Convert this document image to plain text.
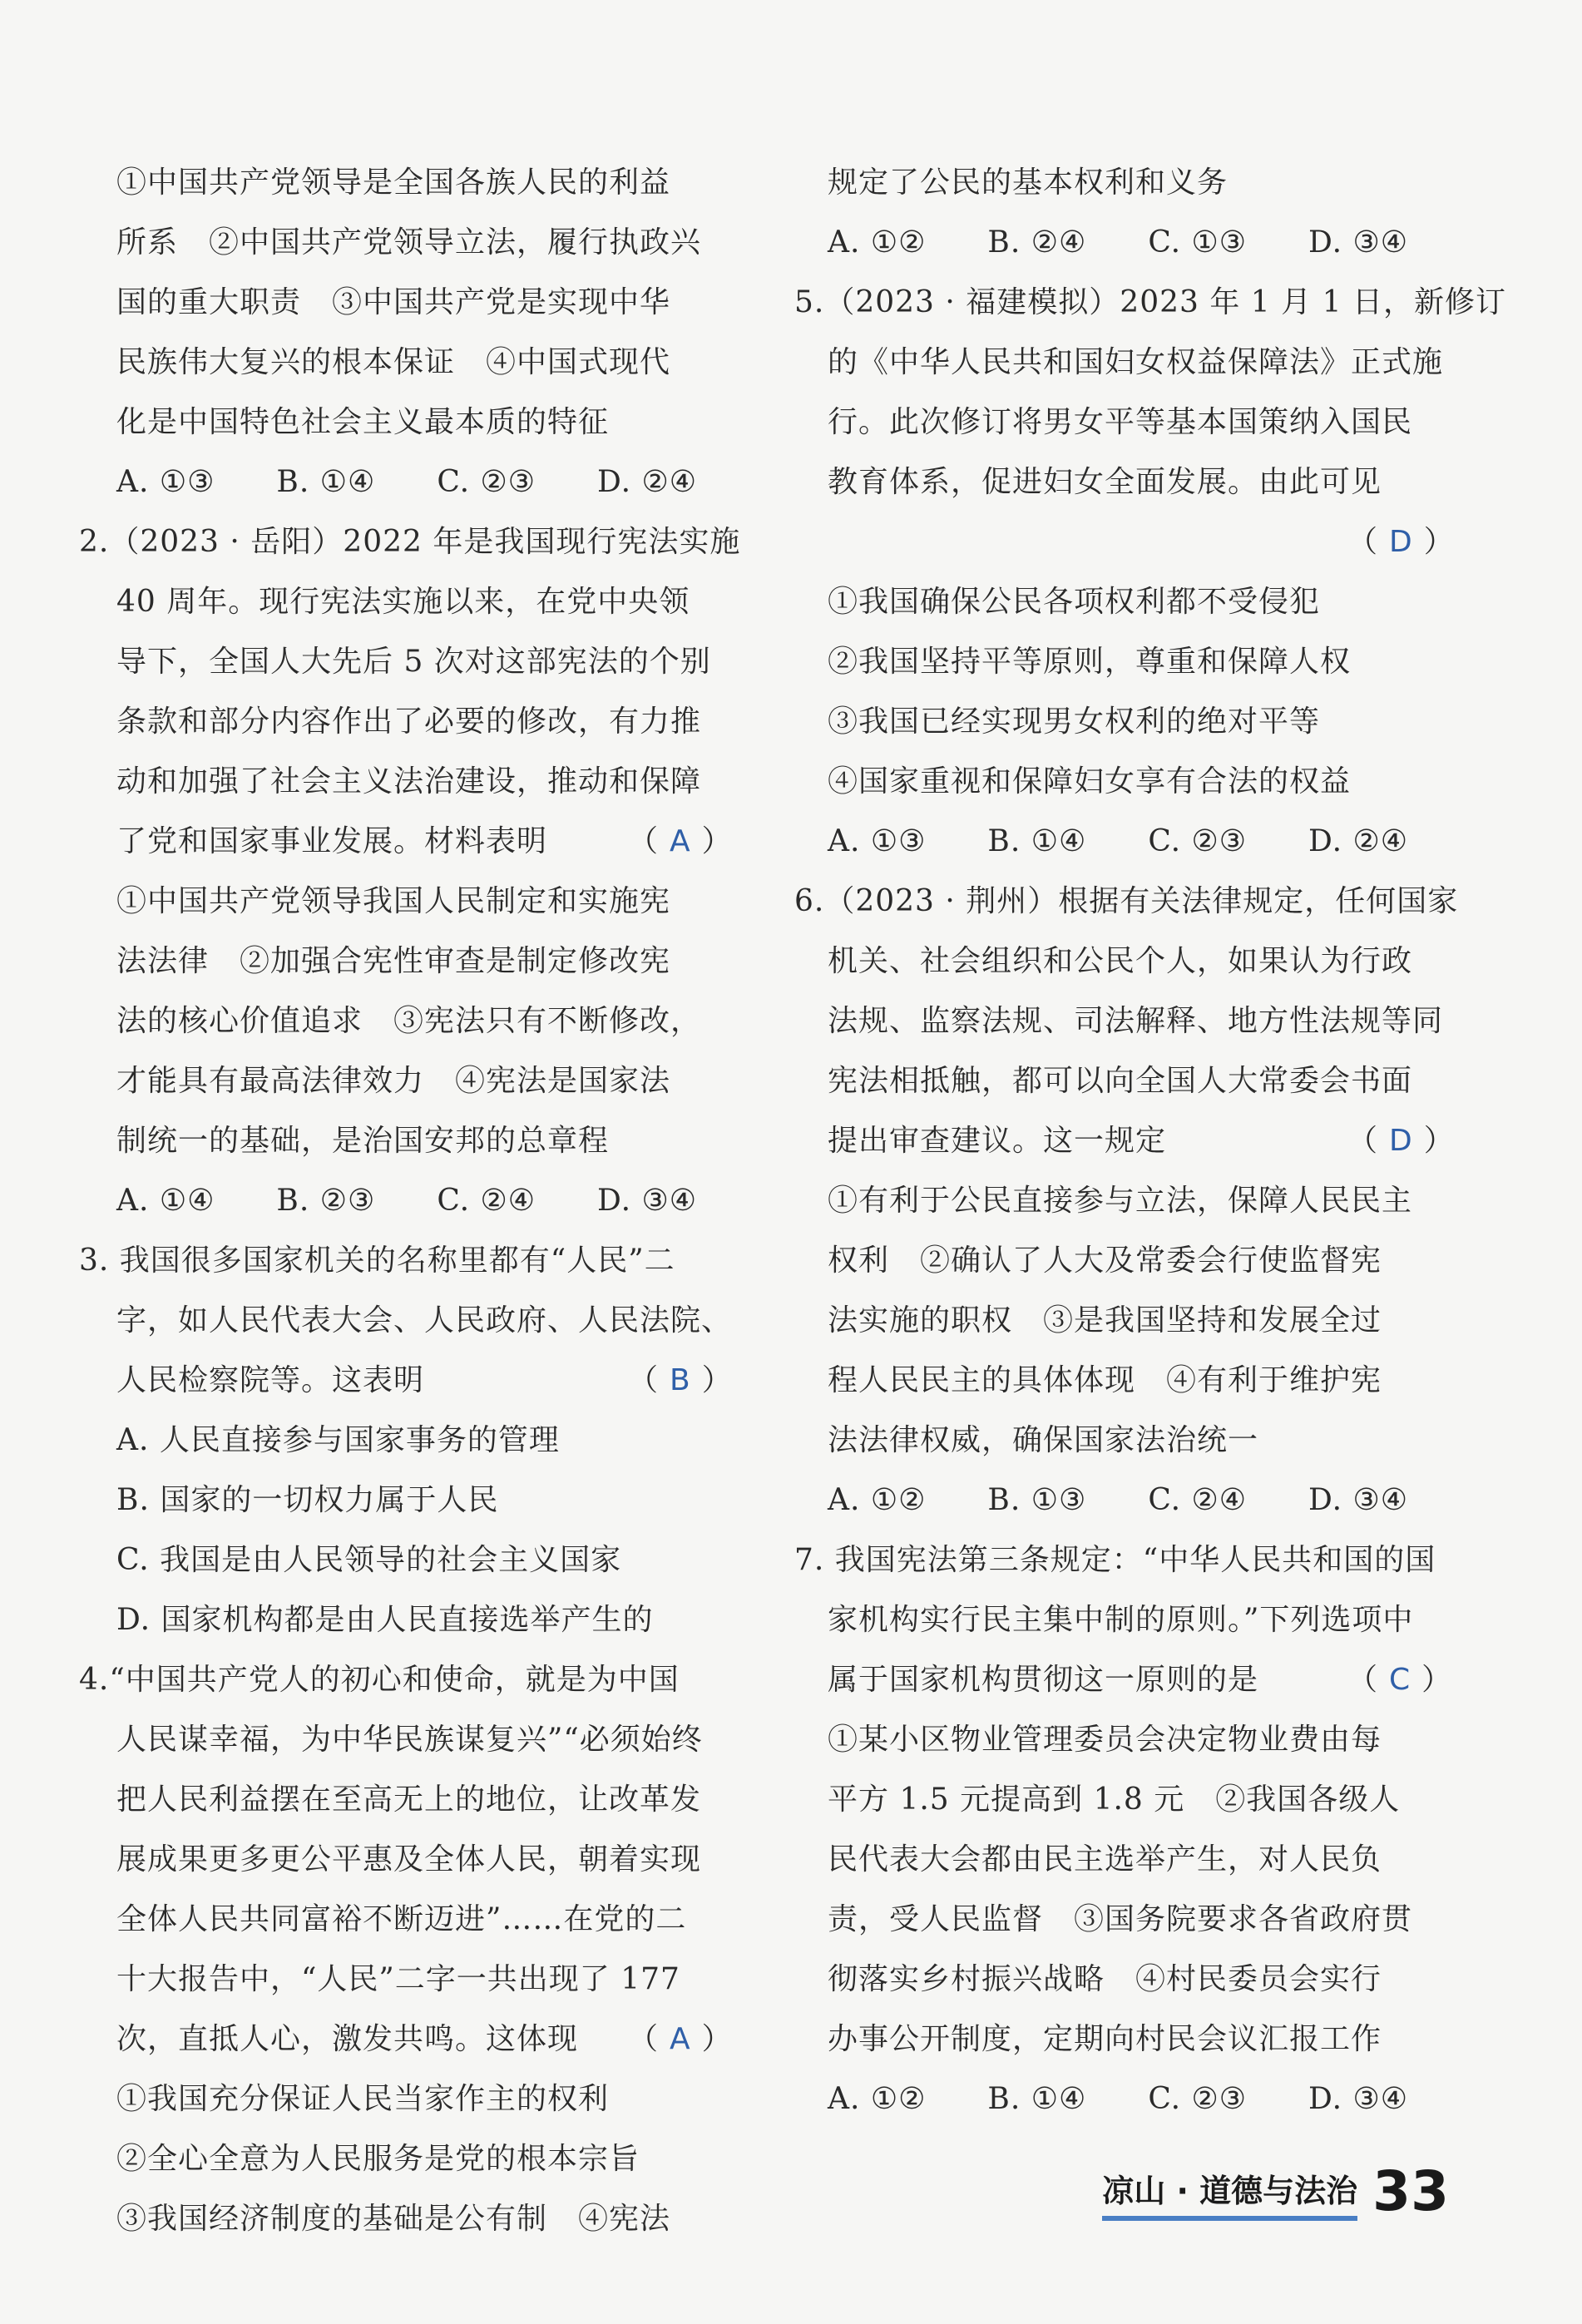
①中国共产党领导是全国各族人民的利益
所系　②中国共产党领导立法，履行执政兴
国的重大职责　③中国共产党是实现中华
民族伟大复兴的根本保证　④中国式现代
化是中国特色社会主义最本质的特征
A. ①③　　B. ①④　　C. ②③　　D. ②④
2.（2023 · 岳阳）2022 年是我国现行宪法实施
40 周年。现行宪法实施以来，在党中央领
导下，全国人大先后 5 次对这部宪法的个别
条款和部分内容作出了必要的修改，有力推
动和加强了社会主义法治建设，推动和保障
了党和国家事业发展。材料表明
①中国共产党领导我国人民制定和实施宪
法法律　②加强合宪性审查是制定修改宪
法的核心价值追求　③宪法只有不断修改，
才能具有最高法律效力　④宪法是国家法
制统一的基础，是治国安邦的总章程
A. ①④　　B. ②③　　C. ②④　　D. ③④
3. 我国很多国家机关的名称里都有“人民”二
字，如人民代表大会、人民政府、人民法院、
人民检察院等。这表明
A. 人民直接参与国家事务的管理
B. 国家的一切权力属于人民
C. 我国是由人民领导的社会主义国家
D. 国家机构都是由人民直接选举产生的
4.“中国共产党人的初心和使命，就是为中国
人民谋幸福，为中华民族谋复兴”“必须始终
把人民利益摆在至高无上的地位，让改革发
展成果更多更公平惠及全体人民，朝着实现
全体人民共同富裕不断迈进”……在党的二
十大报告中，“人民”二字一共出现了 177
次，直抵人心，激发共鸣。这体现
①我国充分保证人民当家作主的权利
②全心全意为人民服务是党的根本宗旨
③我国经济制度的基础是公有制　④宪法
（ A ）
（ B ）
（ A ）
规定了公民的基本权利和义务
A. ①②　　B. ②④　　C. ①③　　D. ③④
5.（2023 · 福建模拟）2023 年 1 月 1 日，新修订
的《中华人民共和国妇女权益保障法》正式施
行。此次修订将男女平等基本国策纳入国民
教育体系，促进妇女全面发展。由此可见
①我国确保公民各项权利都不受侵犯
②我国坚持平等原则，尊重和保障人权
③我国已经实现男女权利的绝对平等
④国家重视和保障妇女享有合法的权益
A. ①③　　B. ①④　　C. ②③　　D. ②④
6.（2023 · 荆州）根据有关法律规定，任何国家
机关、社会组织和公民个人，如果认为行政
法规、监察法规、司法解释、地方性法规等同
宪法相抵触，都可以向全国人大常委会书面
提出审查建议。这一规定
①有利于公民直接参与立法，保障人民民主
权利　②确认了人大及常委会行使监督宪
法实施的职权　③是我国坚持和发展全过
程人民民主的具体体现　④有利于维护宪
法法律权威，确保国家法治统一
A. ①②　　B. ①③　　C. ②④　　D. ③④
7. 我国宪法第三条规定：“中华人民共和国的国
家机构实行民主集中制的原则。”下列选项中
属于国家机构贯彻这一原则的是
①某小区物业管理委员会决定物业费由每
平方 1.5 元提高到 1.8 元　②我国各级人
民代表大会都由民主选举产生，对人民负
责，受人民监督　③国务院要求各省政府贯
彻落实乡村振兴战略　④村民委员会实行
办事公开制度，定期向村民会议汇报工作
A. ①②　　B. ①④　　C. ②③　　D. ③④
（ D ）
（ D ）
（ C ）
凉山 · 道德与法治 33
